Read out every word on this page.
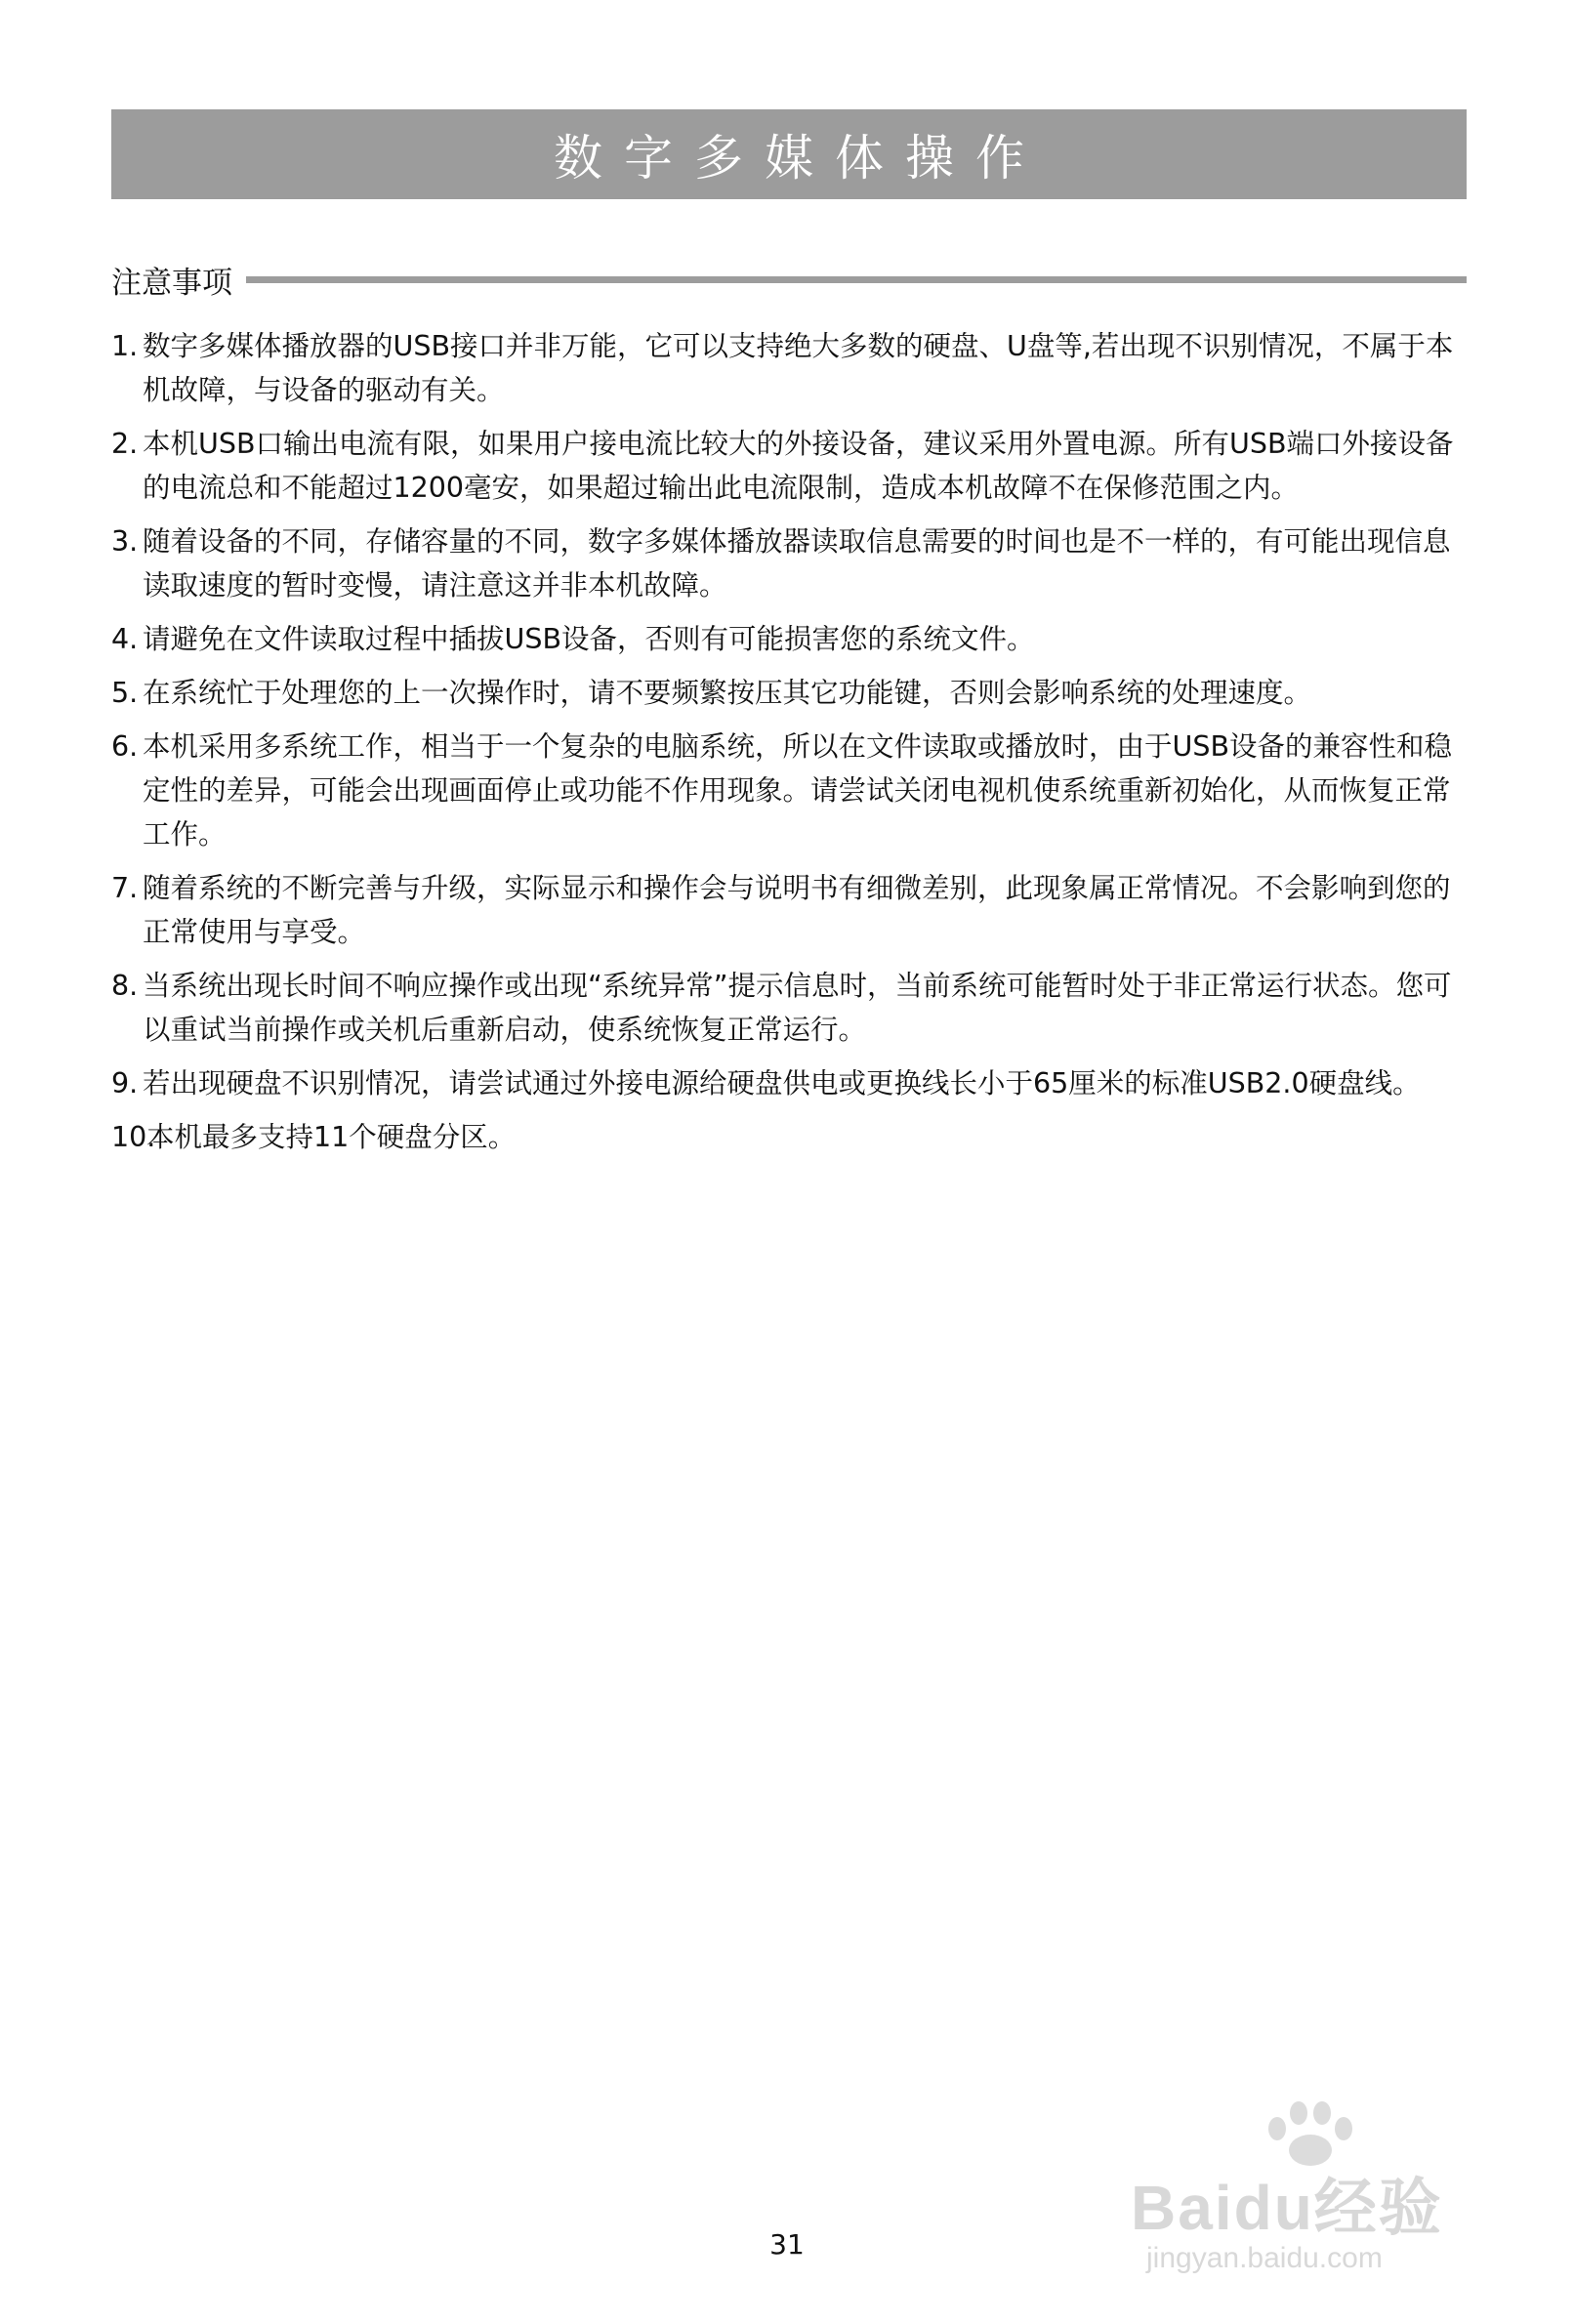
数字多媒体操作
注意事项
1. 数字多媒体播放器的USB接口并非万能，它可以支持绝大多数的硬盘、U盘等,若出现不识别情况，不属于本机故障，与设备的驱动有关。
2. 本机USB口输出电流有限，如果用户接电流比较大的外接设备，建议采用外置电源。所有USB端口外接设备的电流总和不能超过1200毫安，如果超过输出此电流限制，造成本机故障不在保修范围之内。
3. 随着设备的不同，存储容量的不同，数字多媒体播放器读取信息需要的时间也是不一样的，有可能出现信息读取速度的暂时变慢，请注意这并非本机故障。
4. 请避免在文件读取过程中插拔USB设备，否则有可能损害您的系统文件。
5. 在系统忙于处理您的上一次操作时，请不要频繁按压其它功能键，否则会影响系统的处理速度。
6. 本机采用多系统工作，相当于一个复杂的电脑系统，所以在文件读取或播放时，由于USB设备的兼容性和稳定性的差异，可能会出现画面停止或功能不作用现象。请尝试关闭电视机使系统重新初始化，从而恢复正常工作。
7. 随着系统的不断完善与升级，实际显示和操作会与说明书有细微差别，此现象属正常情况。不会影响到您的正常使用与享受。
8. 当系统出现长时间不响应操作或出现“系统异常”提示信息时，当前系统可能暂时处于非正常运行状态。您可以重试当前操作或关机后重新启动，使系统恢复正常运行。
9. 若出现硬盘不识别情况，请尝试通过外接电源给硬盘供电或更换线长小于65厘米的标准USB2.0硬盘线。
10.
本机最多支持11个硬盘分区。
Baidu经验
jingyan.baidu.com
31
